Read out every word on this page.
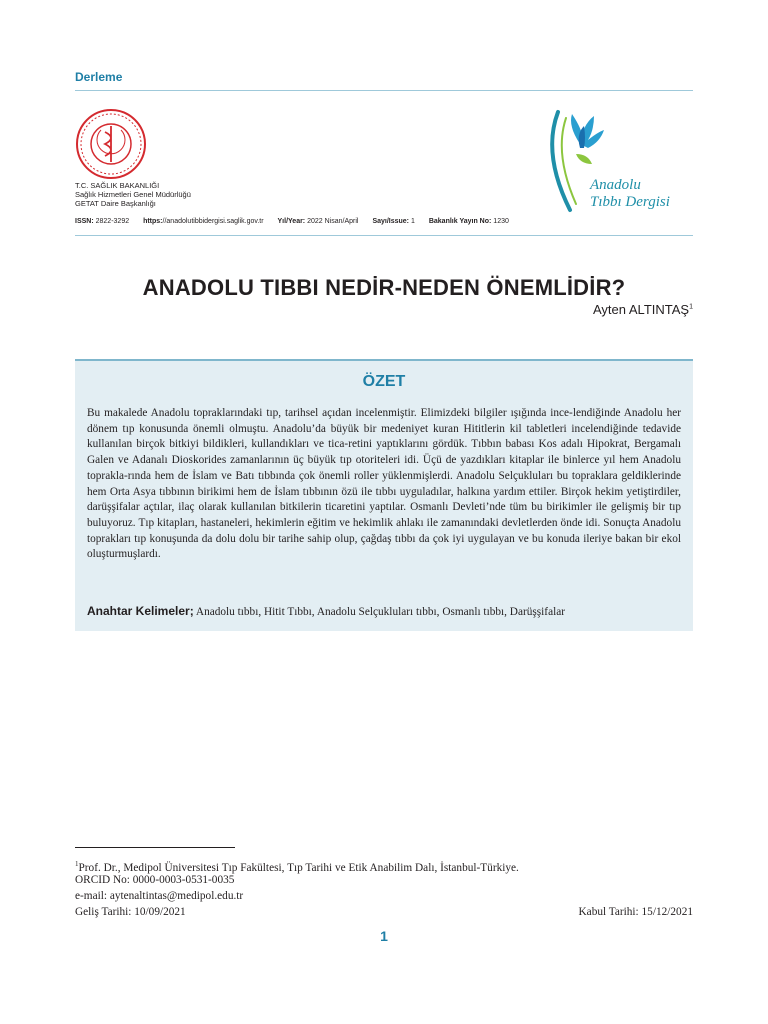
Derleme
T.C. SAĞLIK BAKANLIĞI
Sağlık Hizmetleri Genel Müdürlüğü
GETAT Daire Başkanlığı
ISSN: 2822-3292 https://anadolutibbidergisi.saglik.gov.tr Yıl/Year: 2022 Nisan/April Sayı/Issue: 1 Bakanlık Yayın No: 1230
Anadolu
Tıbbı Dergisi
ANADOLU TIBBI NEDİR-NEDEN ÖNEMLİDİR?
Ayten ALTINTAŞ$^1$
ÖZET
Bu makalede Anadolu topraklarındaki tıp, tarihsel açıdan incelenmiştir. Elimizdeki bilgiler ışığında ince-lendiğinde Anadolu her dönem tıp konusunda önemli olmuştu. Anadolu’da büyük bir medeniyet kuran Hititlerin kil tabletleri incelendiğinde tedavide kullanılan birçok bitkiyi bildikleri, kullandıkları ve tica-retini yaptıklarını gördük. Tıbbın babası Kos adalı Hipokrat, Bergamalı Galen ve Adanalı Dioskorides zamanlarının üç büyük tıp otoriteleri idi. Üçü de yazdıkları kitaplar ile binlerce yıl hem Anadolu toprakla-rında hem de İslam ve Batı tıbbında çok önemli roller yüklenmişlerdi. Anadolu Selçukluları bu topraklara geldiklerinde hem Orta Asya tıbbının birikimi hem de İslam tıbbının özü ile tıbbı uyguladılar, halkına yardım ettiler. Birçok hekim yetiştirdiler, darüşşifalar açtılar, ilaç olarak kullanılan bitkilerin ticaretini yaptılar. Osmanlı Devleti’nde tüm bu birikimler ile gelişmiş bir tıp buluyoruz. Tıp kitapları, hastaneleri, hekimlerin eğitim ve hekimlik ahlakı ile zamanındaki devletlerden önde idi. Sonuçta Anadolu toprakları tıp konuşunda da dolu dolu bir tarihe sahip olup, çağdaş tıbbı da çok iyi uygulayan ve bu konuda ileriye bakan bir ekol oluşturmuşlardı.
Anahtar Kelimeler; Anadolu tıbbı, Hitit Tıbbı, Anadolu Selçukluları tıbbı, Osmanlı tıbbı, Darüşşifalar
$^1$Prof. Dr., Medipol Üniversitesi Tıp Fakültesi, Tıp Tarihi ve Etik Anabilim Dalı, İstanbul-Türkiye.
ORCID No: 0000-0003-0531-0035
e-mail: aytenaltintas@medipol.edu.tr
Geliş Tarihi: 10/09/2021	Kabul Tarihi: 15/12/2021
1
